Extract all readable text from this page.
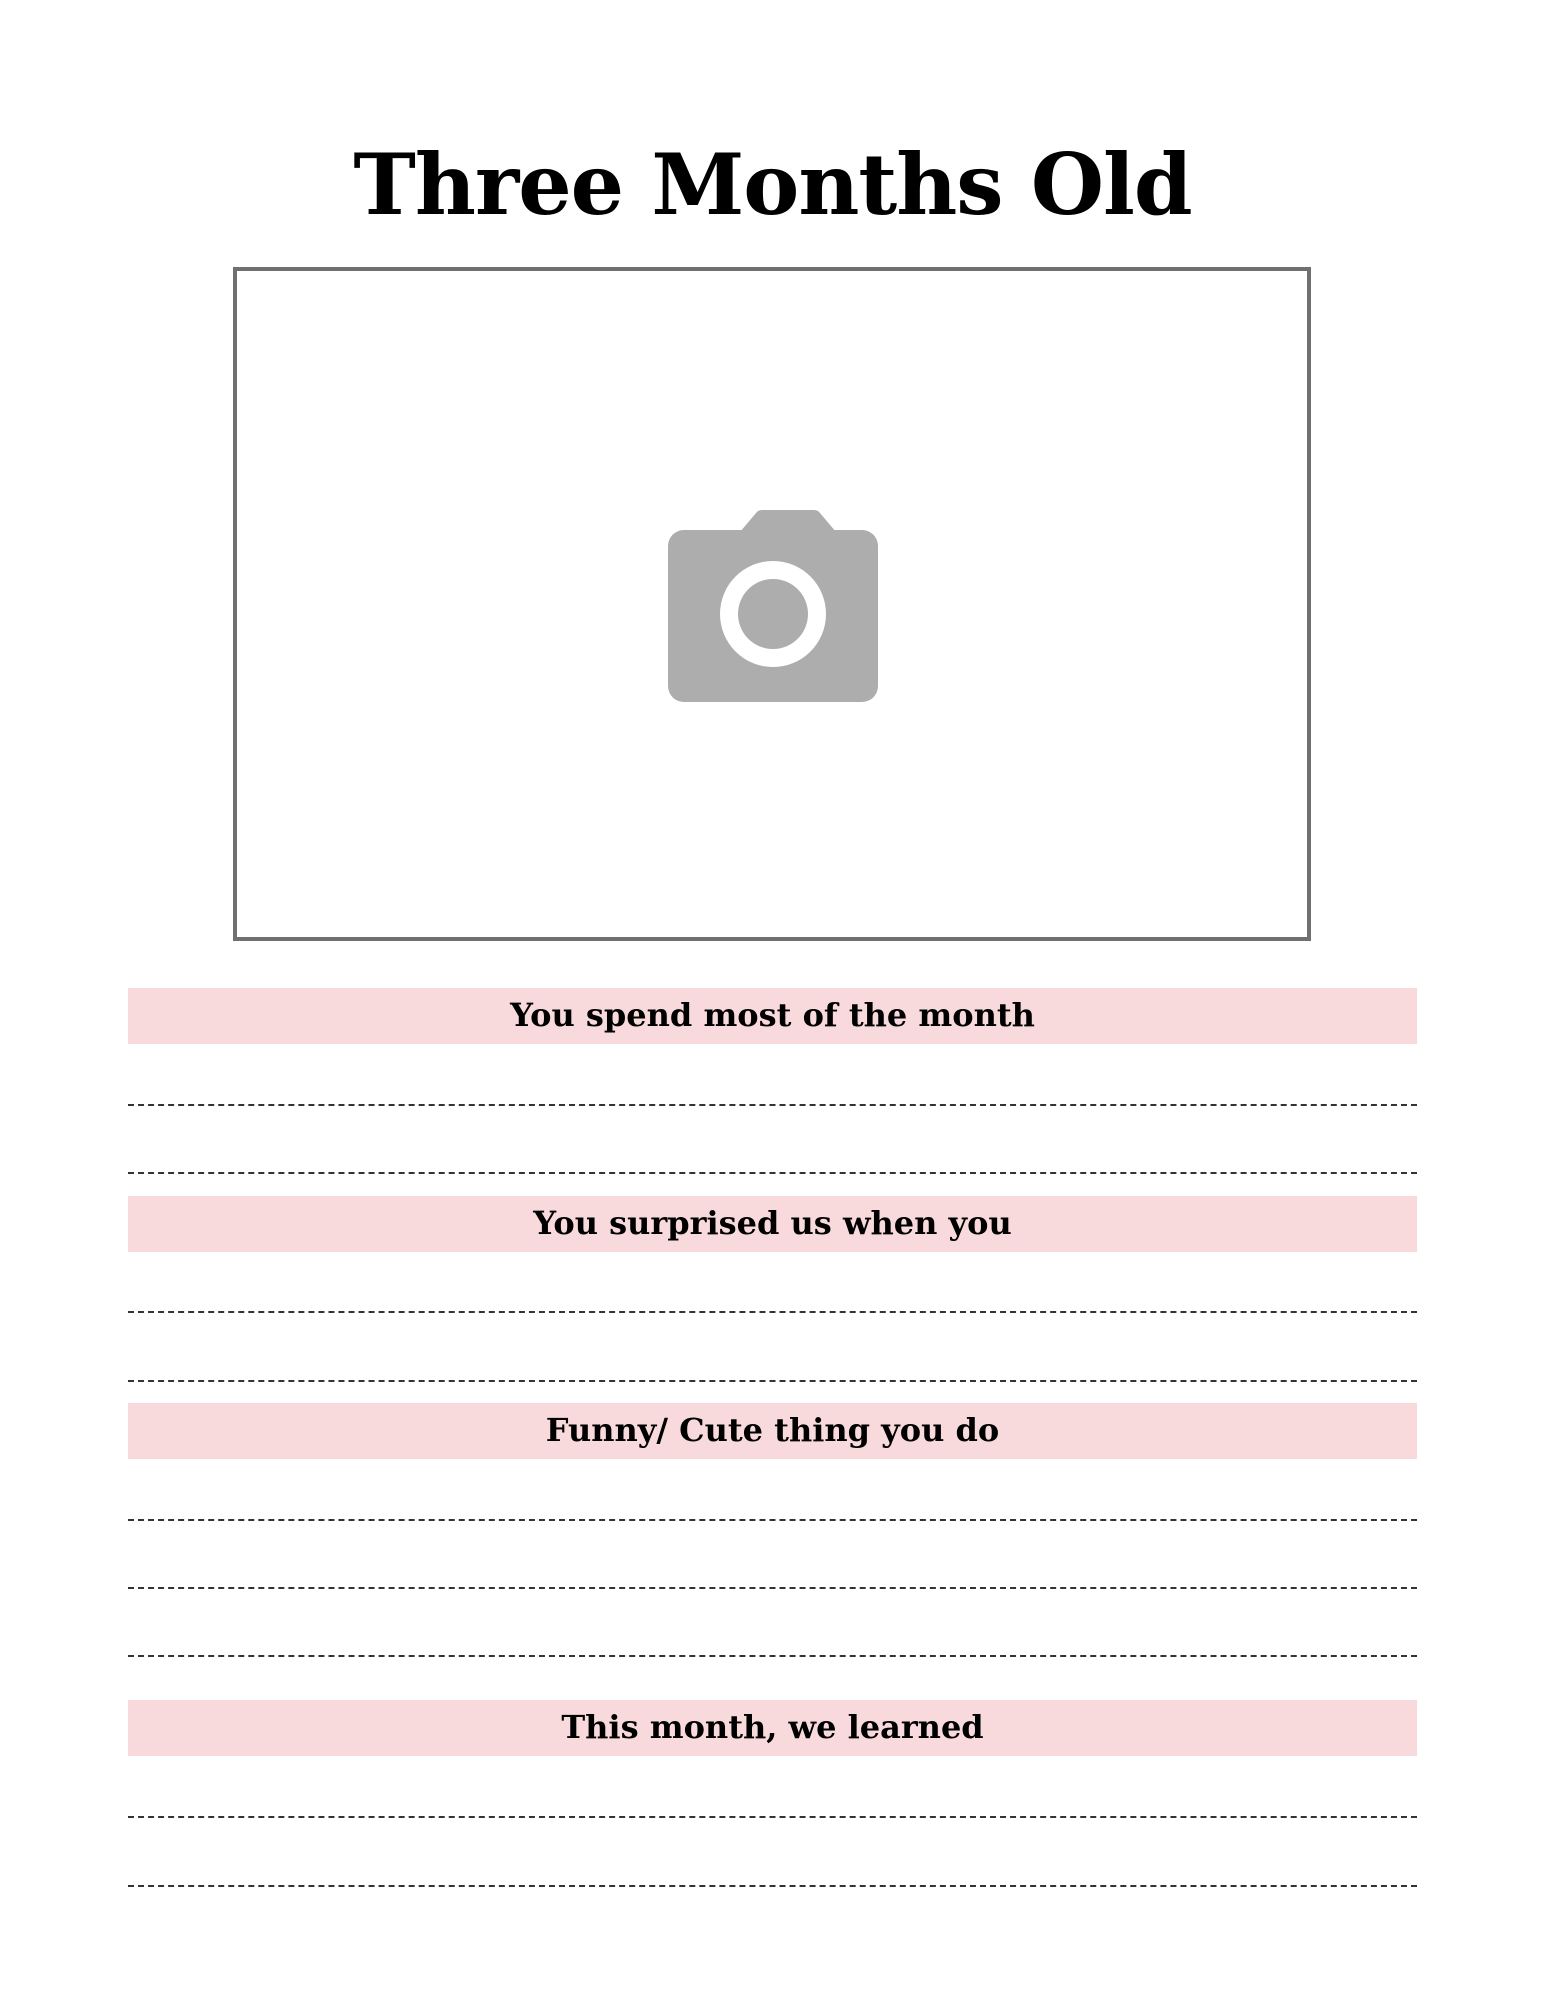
Three Months Old
You spend most of the month
You surprised us when you
Funny/ Cute thing you do
This month, we learned
